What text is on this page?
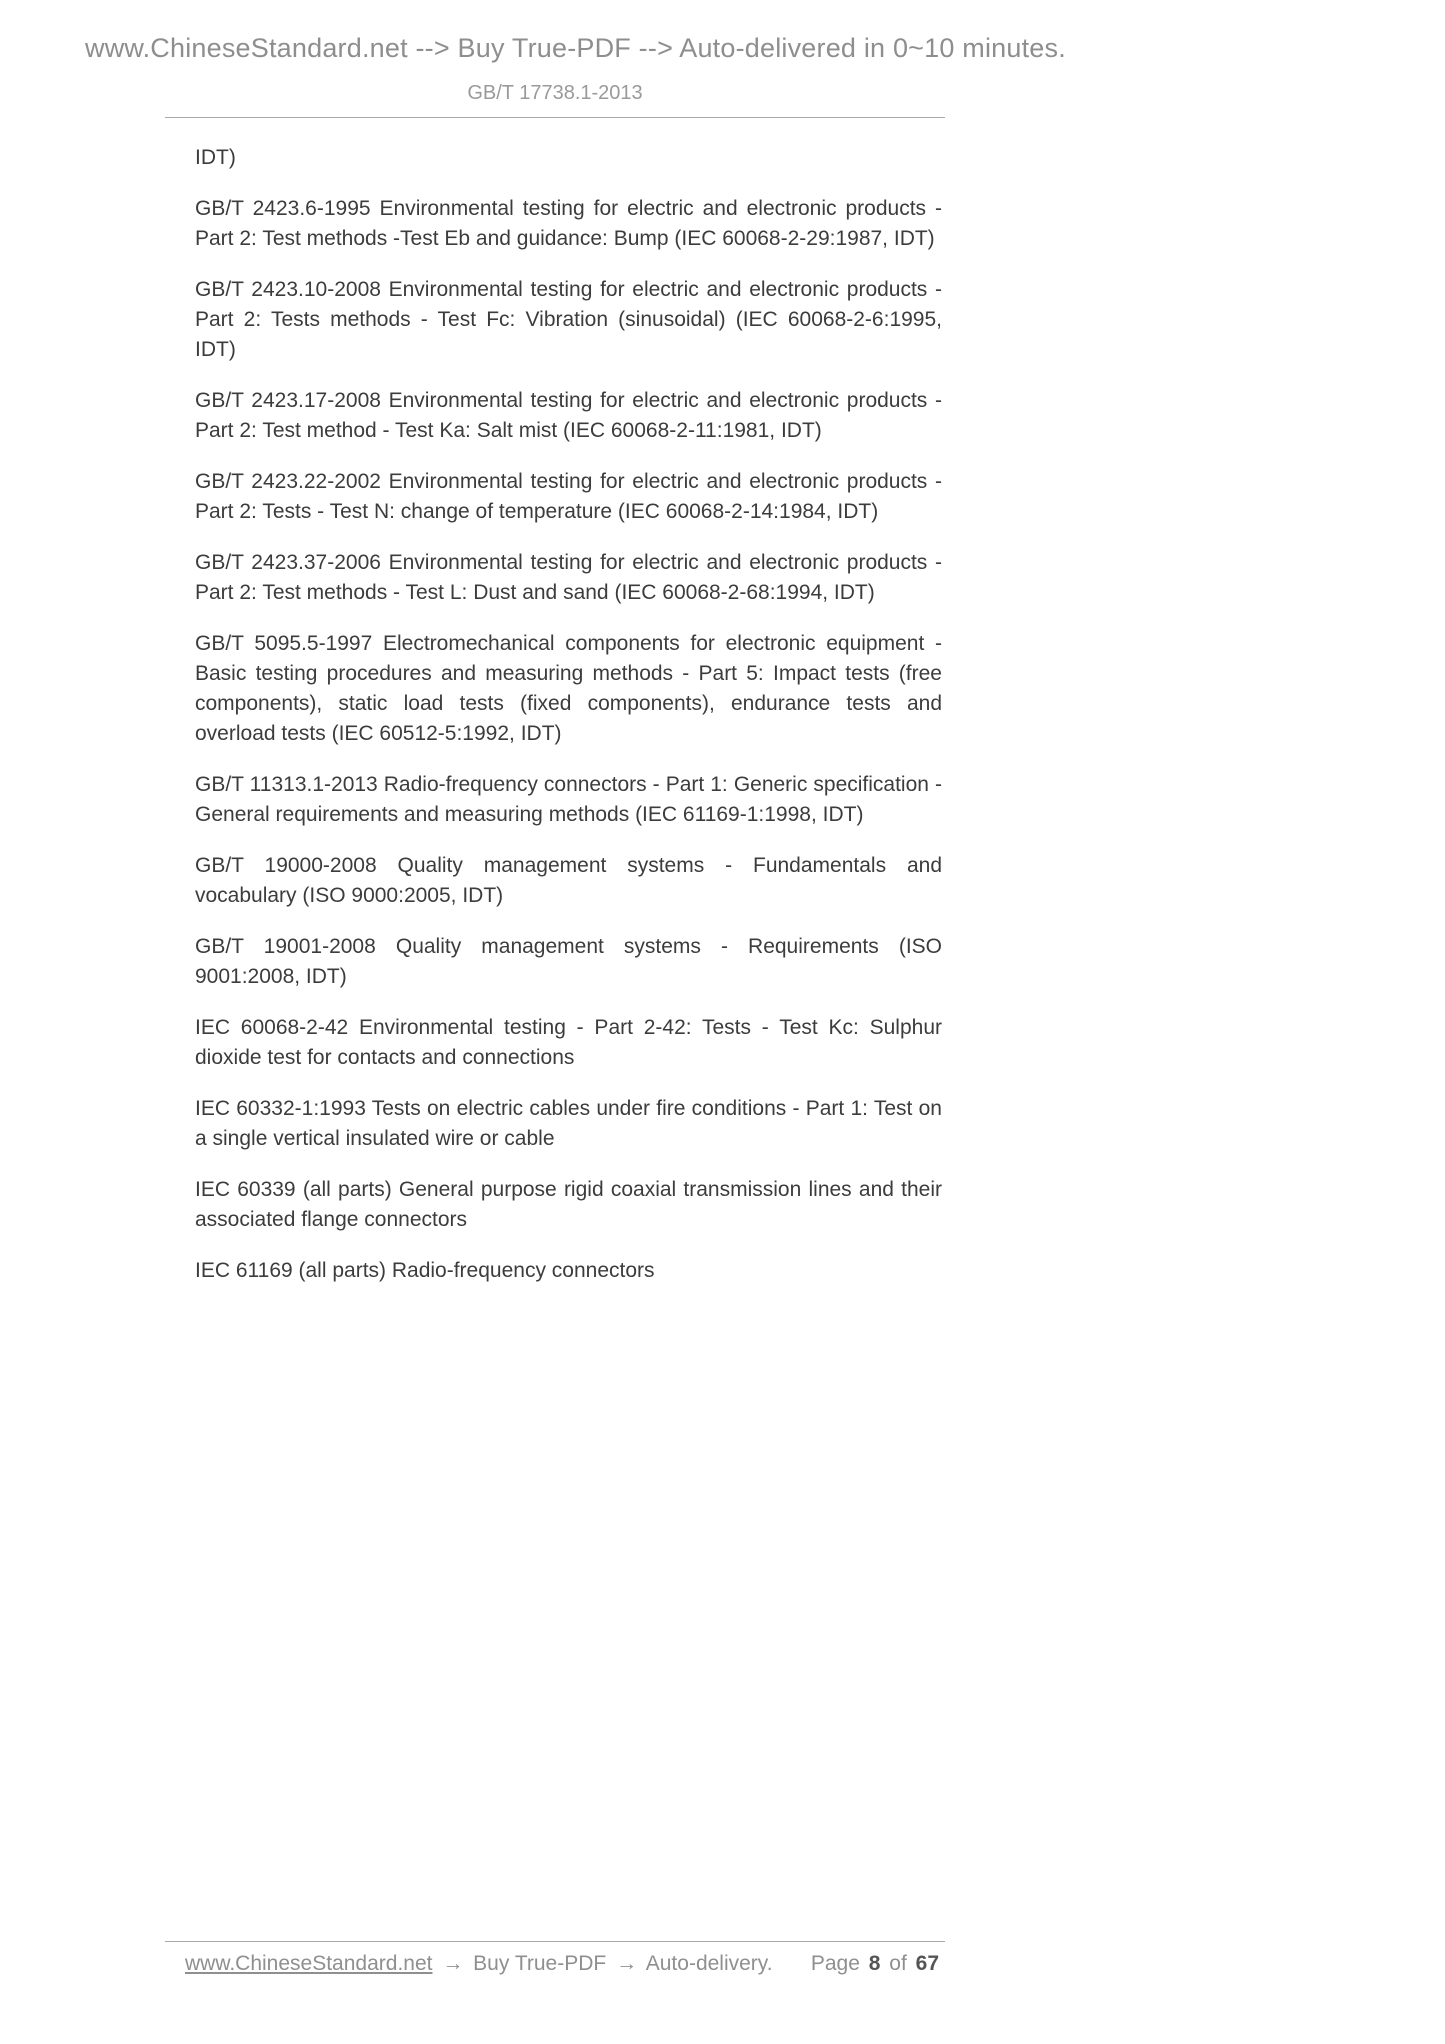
www.ChineseStandard.net --> Buy True-PDF --> Auto-delivered in 0~10 minutes.
GB/T 17738.1-2013

IDT)

GB/T 2423.6-1995 Environmental testing for electric and electronic products - Part 2: Test methods -Test Eb and guidance: Bump (IEC 60068-2-29:1987, IDT)

GB/T 2423.10-2008 Environmental testing for electric and electronic products - Part 2: Tests methods - Test Fc: Vibration (sinusoidal) (IEC 60068-2-6:1995, IDT)

GB/T 2423.17-2008 Environmental testing for electric and electronic products - Part 2: Test method - Test Ka: Salt mist (IEC 60068-2-11:1981, IDT)

GB/T 2423.22-2002 Environmental testing for electric and electronic products - Part 2: Tests - Test N: change of temperature (IEC 60068-2-14:1984, IDT)

GB/T 2423.37-2006 Environmental testing for electric and electronic products - Part 2: Test methods - Test L: Dust and sand (IEC 60068-2-68:1994, IDT)

GB/T 5095.5-1997 Electromechanical components for electronic equipment - Basic testing procedures and measuring methods - Part 5: Impact tests (free components), static load tests (fixed components), endurance tests and overload tests (IEC 60512-5:1992, IDT)

GB/T 11313.1-2013 Radio-frequency connectors - Part 1: Generic specification - General requirements and measuring methods (IEC 61169-1:1998, IDT)

GB/T 19000-2008 Quality management systems - Fundamentals and vocabulary (ISO 9000:2005, IDT)

GB/T 19001-2008 Quality management systems - Requirements (ISO 9001:2008, IDT)

IEC 60068-2-42 Environmental testing - Part 2-42: Tests - Test Kc: Sulphur dioxide test for contacts and connections

IEC 60332-1:1993 Tests on electric cables under fire conditions - Part 1: Test on a single vertical insulated wire or cable

IEC 60339 (all parts) General purpose rigid coaxial transmission lines and their associated flange connectors

IEC 61169 (all parts) Radio-frequency connectors

www.ChineseStandard.net → Buy True-PDF → Auto-delivery. Page 8 of 67
